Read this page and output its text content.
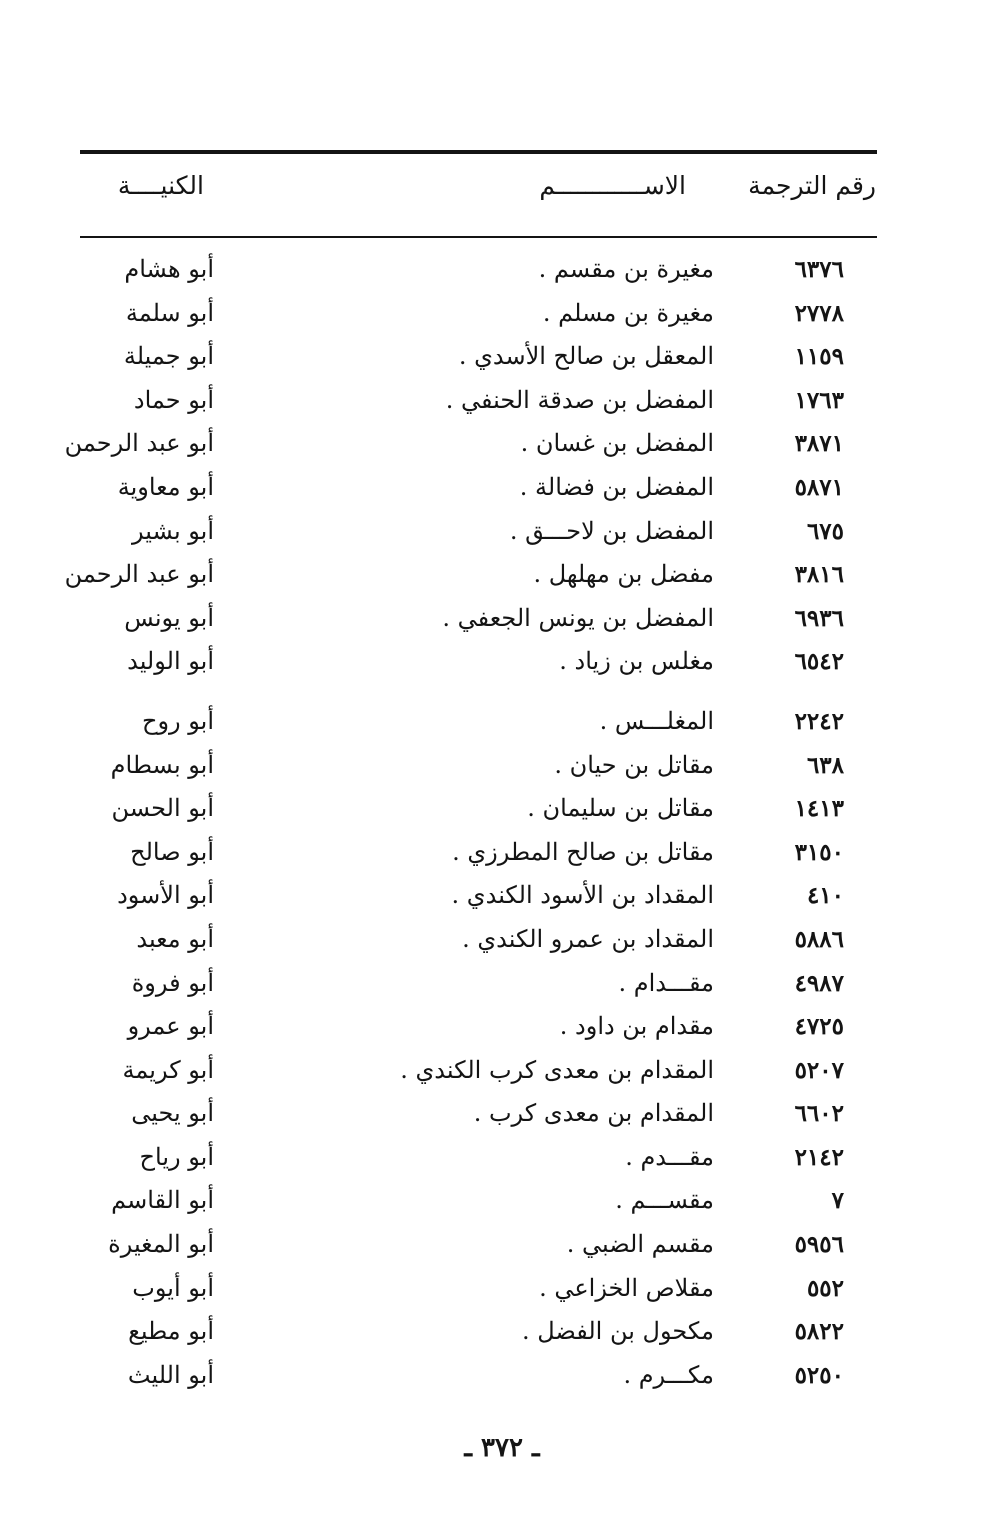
رقم الترجمة
الاســــــــــــم
الكنيــــة
٦٣٧٦
مغيرة بن مقسم .
أبو هشام
٢٧٧٨
مغيرة بن مسلم .
أبو سلمة
١١٥٩
المعقل بن صالح الأسدي .
أبو جميلة
١٧٦٣
المفضل بن صدقة الحنفي .
أبو حماد
٣٨٧١
المفضل بن غسان .
أبو عبد الرحمن
٥٨٧١
المفضل بن فضالة .
أبو معاوية
٦٧٥
المفضل بن لاحـــق .
أبو بشير
٣٨١٦
مفضل بن مهلهل .
أبو عبد الرحمن
٦٩٣٦
المفضل بن يونس الجعفي .
أبو يونس
٦٥٤٢
مغلس بن زياد .
أبو الوليد
٢٢٤٢
المغلـــس .
أبو روح
٦٣٨
مقاتل بن حيان .
أبو بسطام
١٤١٣
مقاتل بن سليمان .
أبو الحسن
٣١٥٠
مقاتل بن صالح المطرزي .
أبو صالح
٤١٠
المقداد بن الأسود الكندي .
أبو الأسود
٥٨٨٦
المقداد بن عمرو الكندي .
أبو معبد
٤٩٨٧
مقـــدام .
أبو فروة
٤٧٢٥
مقدام بن داود .
أبو عمرو
٥٢٠٧
المقدام بن معدى كرب الكندي .
أبو كريمة
٦٦٠٢
المقدام بن معدى كرب .
أبو يحيى
٢١٤٢
مقـــدم .
أبو رياح
٧
مقســـم .
أبو القاسم
٥٩٥٦
مقسم الضبي .
أبو المغيرة
٥٥٢
مقلاص الخزاعي .
أبو أيوب
٥٨٢٢
مكحول بن الفضل .
أبو مطيع
٥٢٥٠
مكـــرم .
أبو الليث
ـ ٣٧٢ ـ
